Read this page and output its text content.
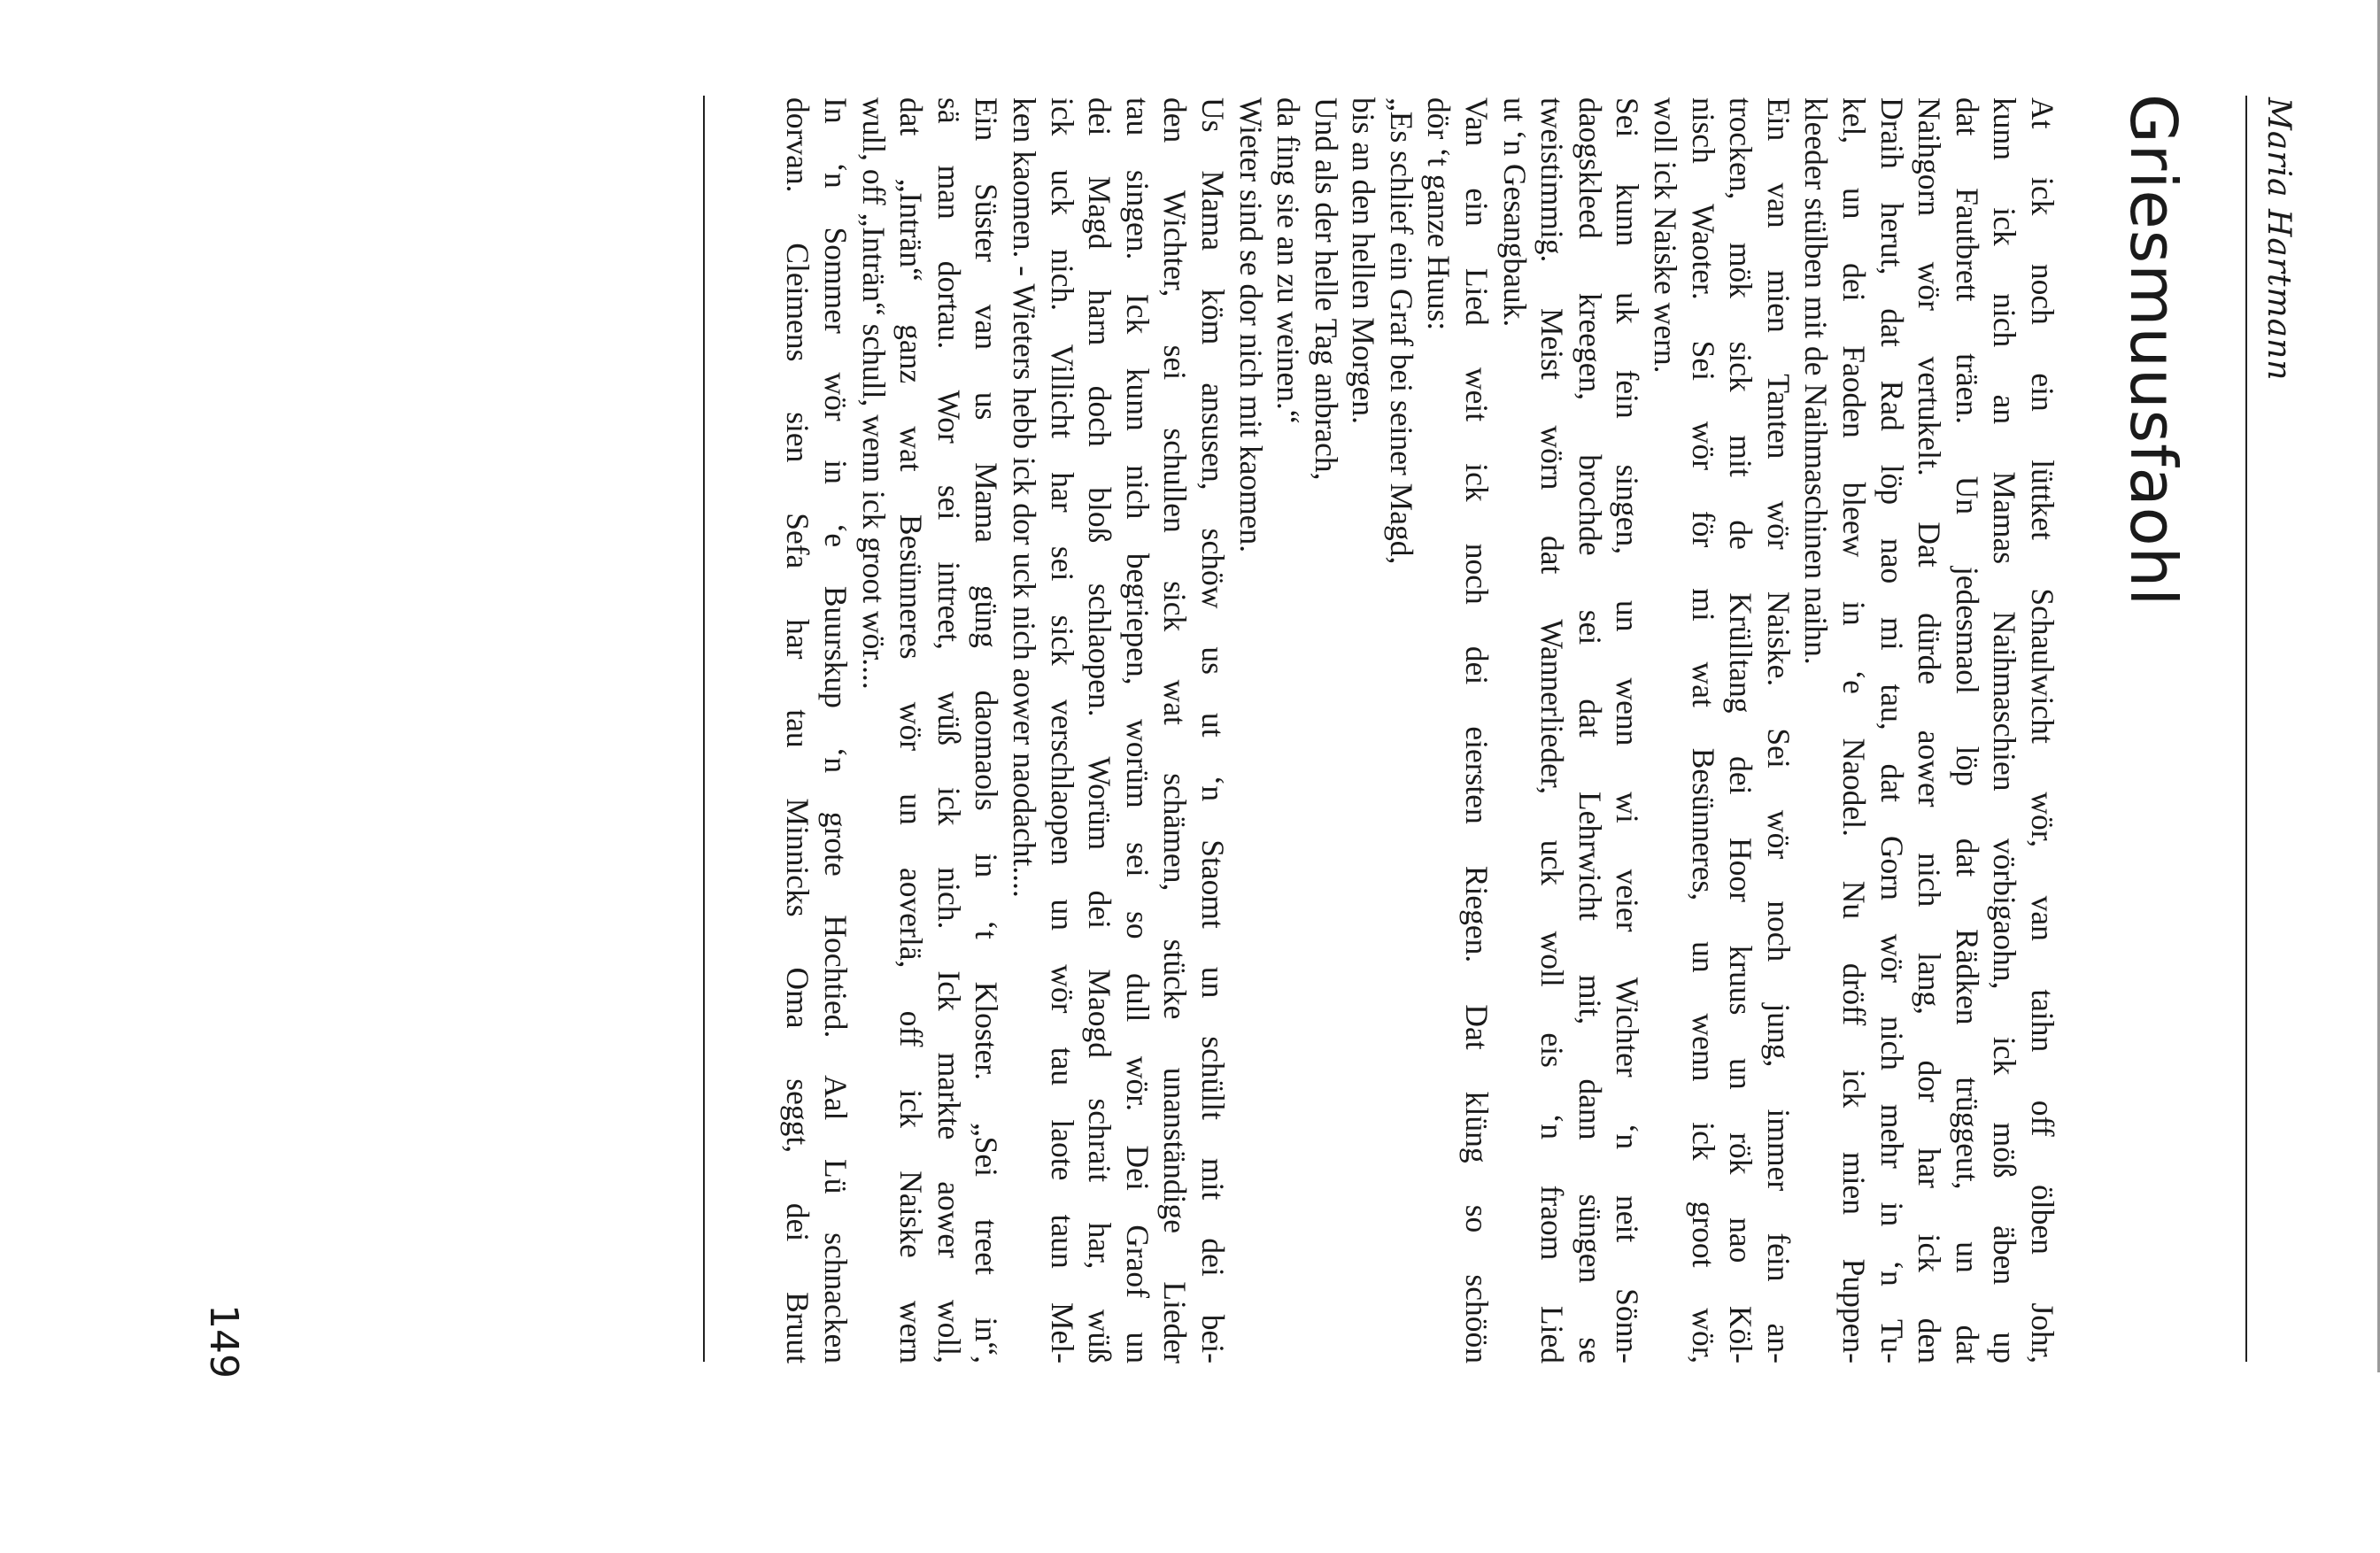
Maria Hartmann
Griesmuusfaohl
At ick noch ein lüttket Schaulwicht wör, van taihn off ölben Johr,
kunn ick nich an Mamas Naihmaschien vörbigaohn, ick möß äben up
dat Fautbrett träen. Un jedesmaol löp dat Rädken trüggeut, un dat
Naihgorn wör vertukelt. Dat dürde aower nich lang, dor har ick den
Draih herut, dat Rad löp nao mi tau, dat Gorn wör nich mehr in ‘n Tu-
kel, un dei Faoden bleew in ‘e Naodel. Nu dröff ick mien Puppen-
kleeder stülben mit de Naihmaschinen naihn.
Ein van mien Tanten wör Naiske. Sei wör noch jung, immer fein an-
trocken, mök sick mit de Krülltang dei Hoor kruus un rök nao Köl-
nisch Waoter. Sei wör för mi wat Besünneres, un wenn ick groot wör,
woll ick Naiske wern.
Sei kunn uk fein singen, un wenn wi veier Wichter ‘n neit Sönn-
daogskleed kreegen, brochde sei dat Lehrwicht mit, dann süngen se
tweistimmig. Meist wörn dat Wannerlieder, uck woll eis ‘n fraom Lied
ut ‘n Gesangbauk.
Van ein Lied weit ick noch dei eiersten Riegen. Dat klüng so schöön
dör ‘t ganze Huus:
„Es schlief ein Graf bei seiner Magd,
bis an den hellen Morgen.
Und als der helle Tag anbrach,
da fing sie an zu weinen.“
Wieter sind se dor nich mit kaomen.
Us Mama köm ansusen, schöw us ut ‘n Staomt un schüllt mit dei bei-
den Wichter, sei schullen sick wat schämen, stücke unanständige Lieder
tau singen. Ick kunn nich begriepen, worüm sei so dull wör. Dei Graof un
dei Magd harn doch bloß schlaopen. Worüm dei Maogd schrait har, wüß
ick uck nich. Villicht har sei sick verschlaopen un wör tau laote taun Mel-
ken kaomen. - Wieters hebb ick dor uck nich aower naodacht....
Ein Süster van us Mama güng daomaols in ‘t Kloster. „Sei treet in“,
sä man dortau. Wor sei intreet, wüß ick nich. Ick markte aower woll,
dat „Inträn“ ganz wat Besünneres wör un aoverlä, off ick Naiske wern
wull, off „Inträn“ schull, wenn ick groot wör....
In ‘n Sommer wör in ‘e Buurskup ‘n grote Hochtied. Aal Lü schnacken
dorvan. Cleimens sien Sefa har tau Minnicks Oma seggt, dei Bruut
149
